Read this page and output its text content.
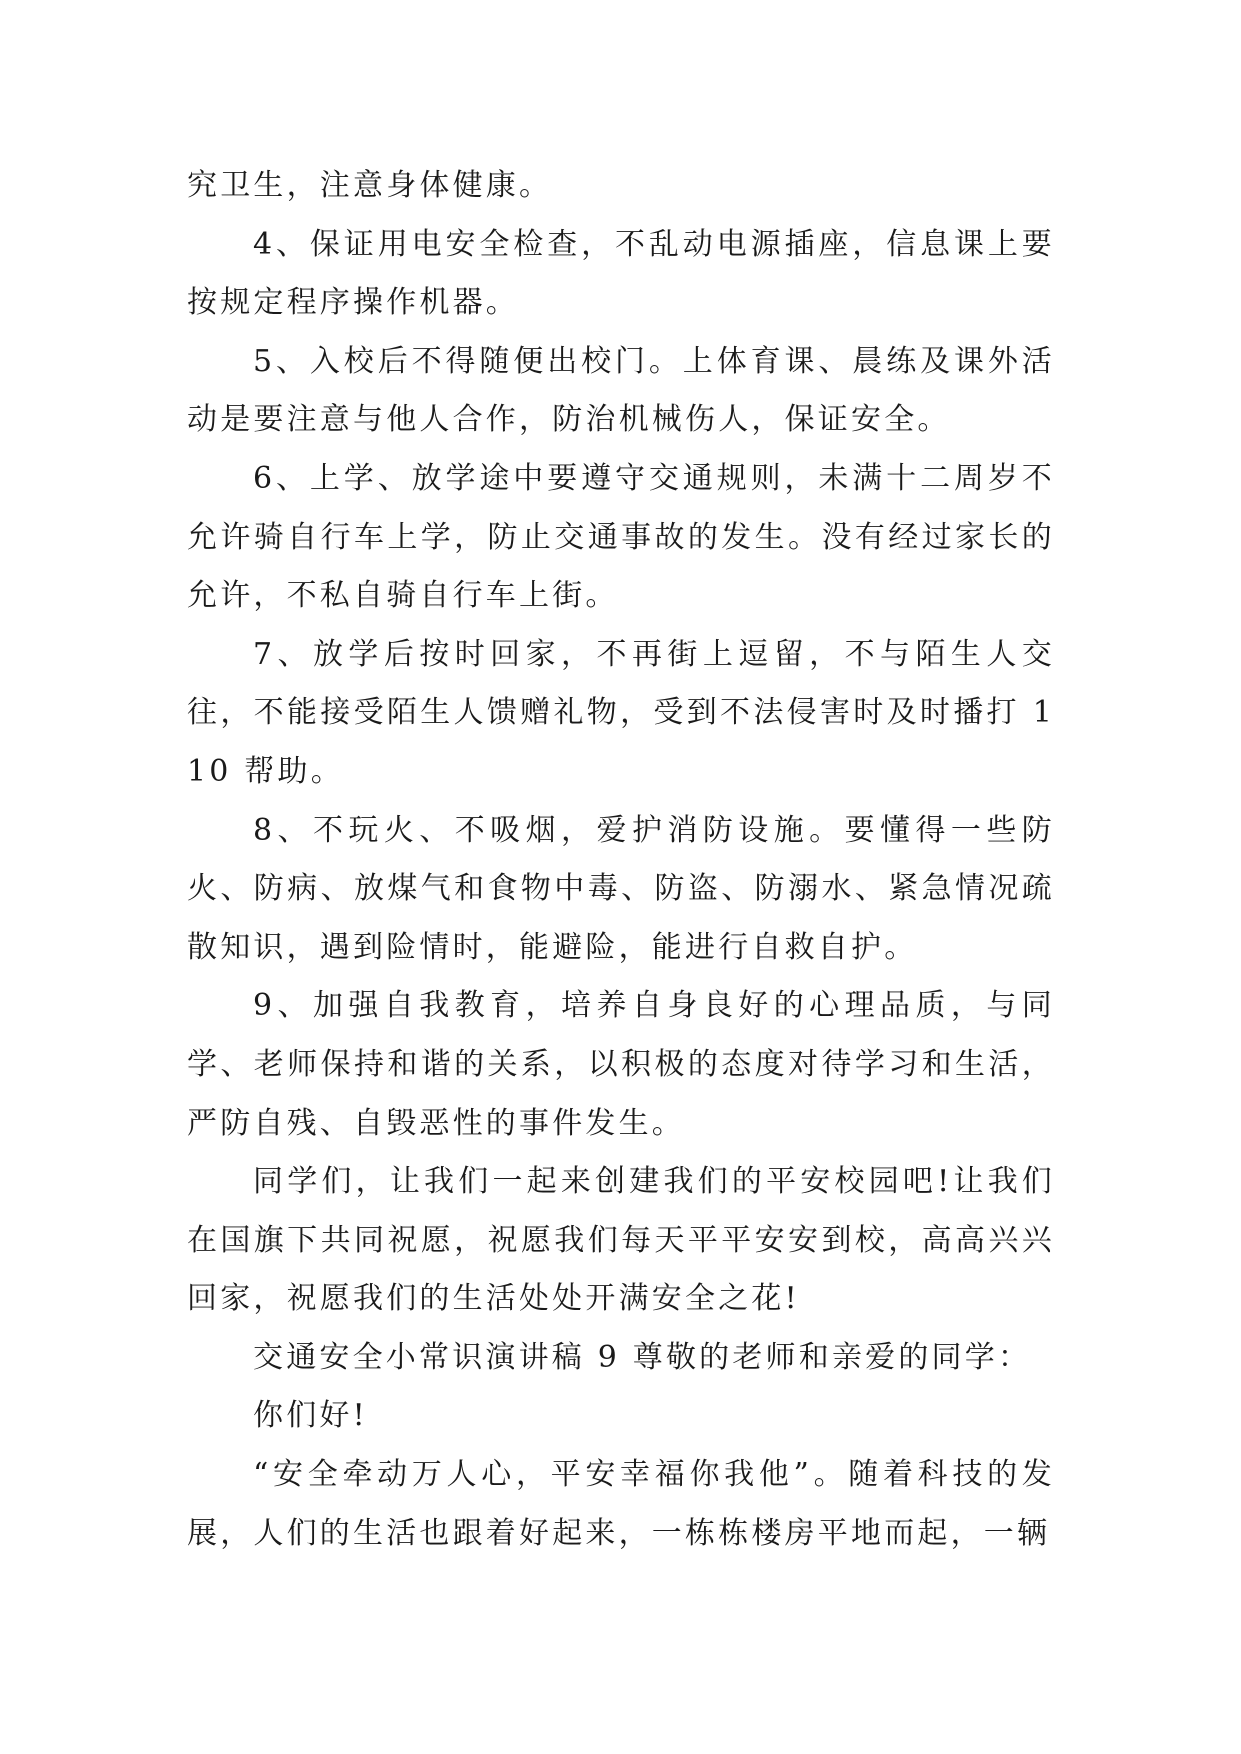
究卫生，注意身体健康。

4、保证用电安全检查，不乱动电源插座，信息课上要按规定程序操作机器。

5、入校后不得随便出校门。上体育课、晨练及课外活动是要注意与他人合作，防治机械伤人，保证安全。

6、上学、放学途中要遵守交通规则，未满十二周岁不允许骑自行车上学，防止交通事故的发生。没有经过家长的允许，不私自骑自行车上街。

7、放学后按时回家，不再街上逗留，不与陌生人交往，不能接受陌生人馈赠礼物，受到不法侵害时及时播打 110 帮助。

8、不玩火、不吸烟，爱护消防设施。要懂得一些防火、防病、放煤气和食物中毒、防盗、防溺水、紧急情况疏散知识，遇到险情时，能避险，能进行自救自护。

9、加强自我教育，培养自身良好的心理品质，与同学、老师保持和谐的关系，以积极的态度对待学习和生活，严防自残、自毁恶性的事件发生。

同学们，让我们一起来创建我们的平安校园吧!让我们在国旗下共同祝愿，祝愿我们每天平平安安到校，高高兴兴回家，祝愿我们的生活处处开满安全之花!

交通安全小常识演讲稿 9 尊敬的老师和亲爱的同学：

你们好!

“安全牵动万人心，平安幸福你我他”。随着科技的发展，人们的生活也跟着好起来，一栋栋楼房平地而起，一辆
